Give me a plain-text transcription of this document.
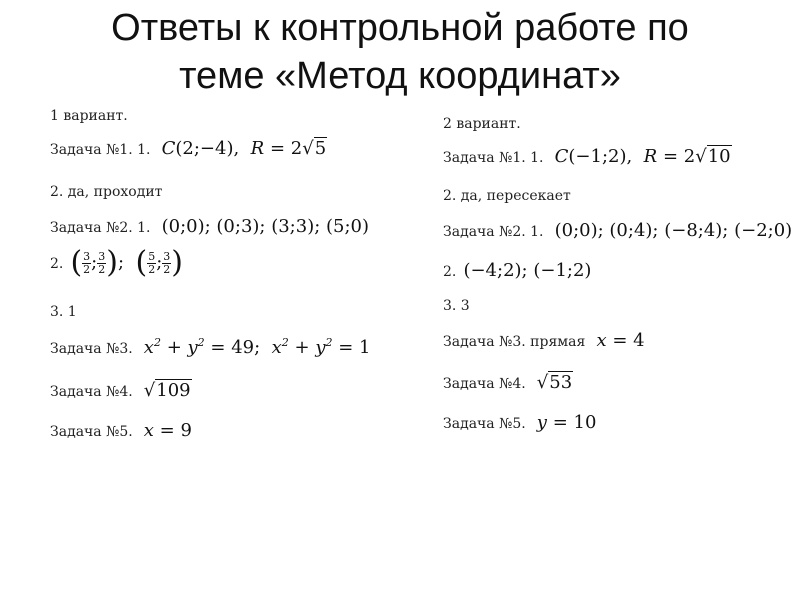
Ответы к контрольной работе по
теме «Метод координат»
1 вариант.
Задача №1. 1. C(2;−4),  R = 2√5
2. да, проходит
Задача №2. 1. (0;0); (0;3); (3;3); (5;0)
2. ( $\frac{3}{2}$ ; $\frac{3}{2}$ ); ( $\frac{5}{2}$ ; $\frac{3}{2}$ )
3. 1
Задача №3. $x^2 + y^2 = 49$;  $x^2 + y^2 = 1$
Задача №4. √109
Задача №5. x = 9
2 вариант.
Задача №1. 1. C(−1;2),  R = 2√10
2. да, пересекает
Задача №2. 1. (0;0); (0;4); (−8;4); (−2;0)
2. (−4;2); (−1;2)
3. 3
Задача №3. прямая x = 4
Задача №4. √53
Задача №5. y = 10
